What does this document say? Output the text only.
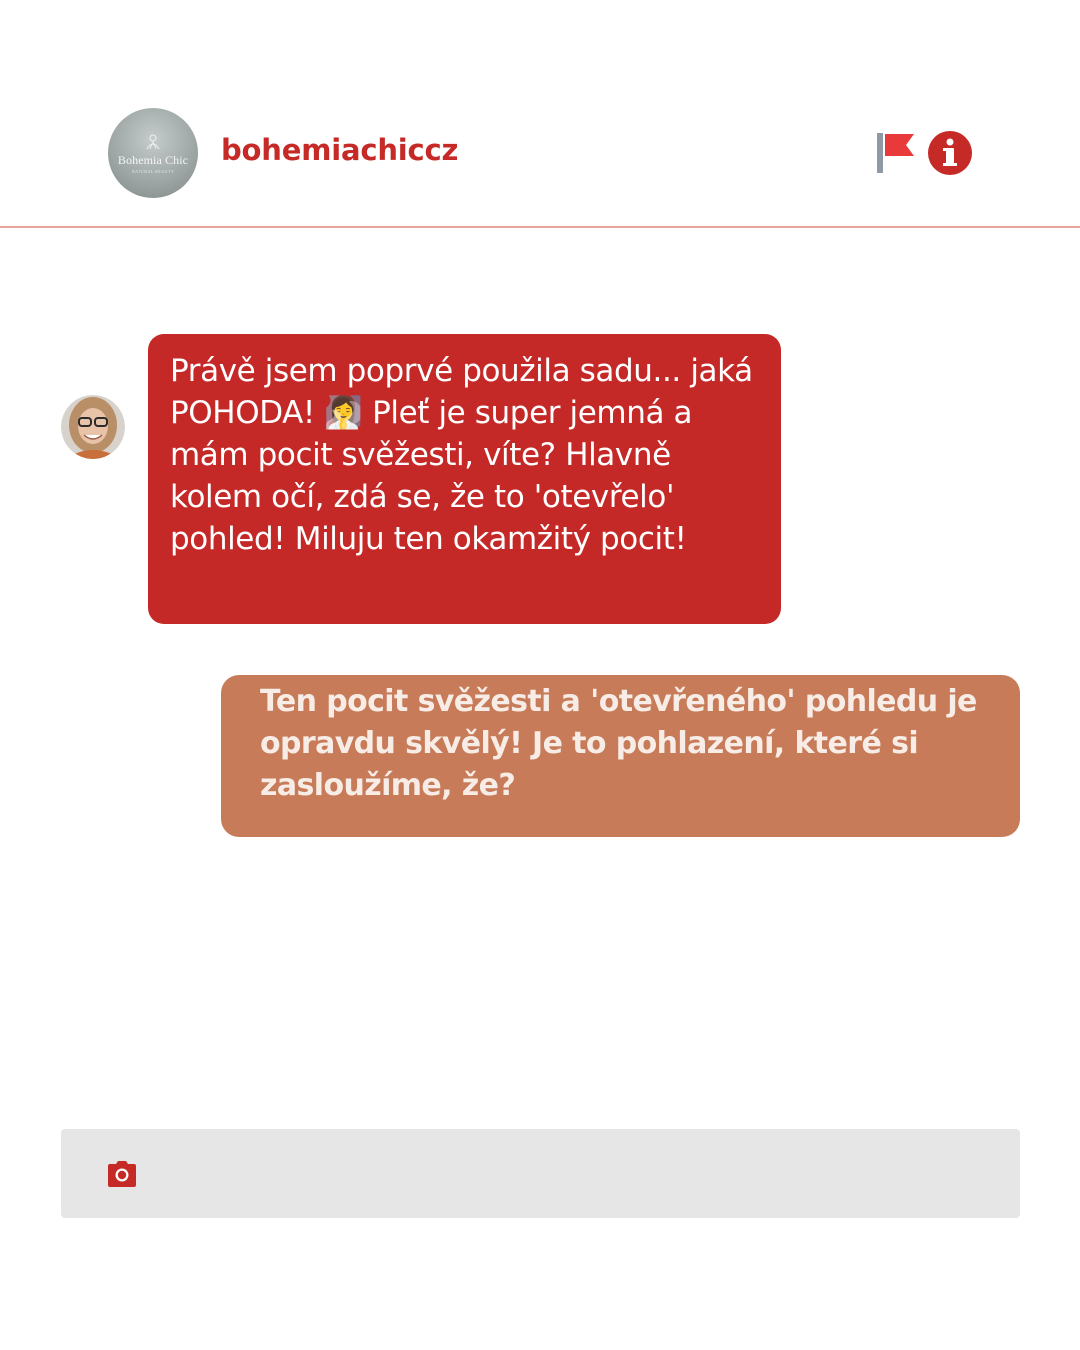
Bohemia Chic
NATURAL BEAUTY
bohemiachiccz
Právě jsem poprvé použila sadu... jaká POHODA! 🧖‍♀️ Pleť je super jemná a mám pocit svěžesti, víte? Hlavně kolem očí, zdá se, že to 'otevřelo' pohled! Miluju ten okamžitý pocit!
Ten pocit svěžesti a 'otevřeného' pohledu je opravdu skvělý! Je to pohlazení, které si zasloužíme, že?
